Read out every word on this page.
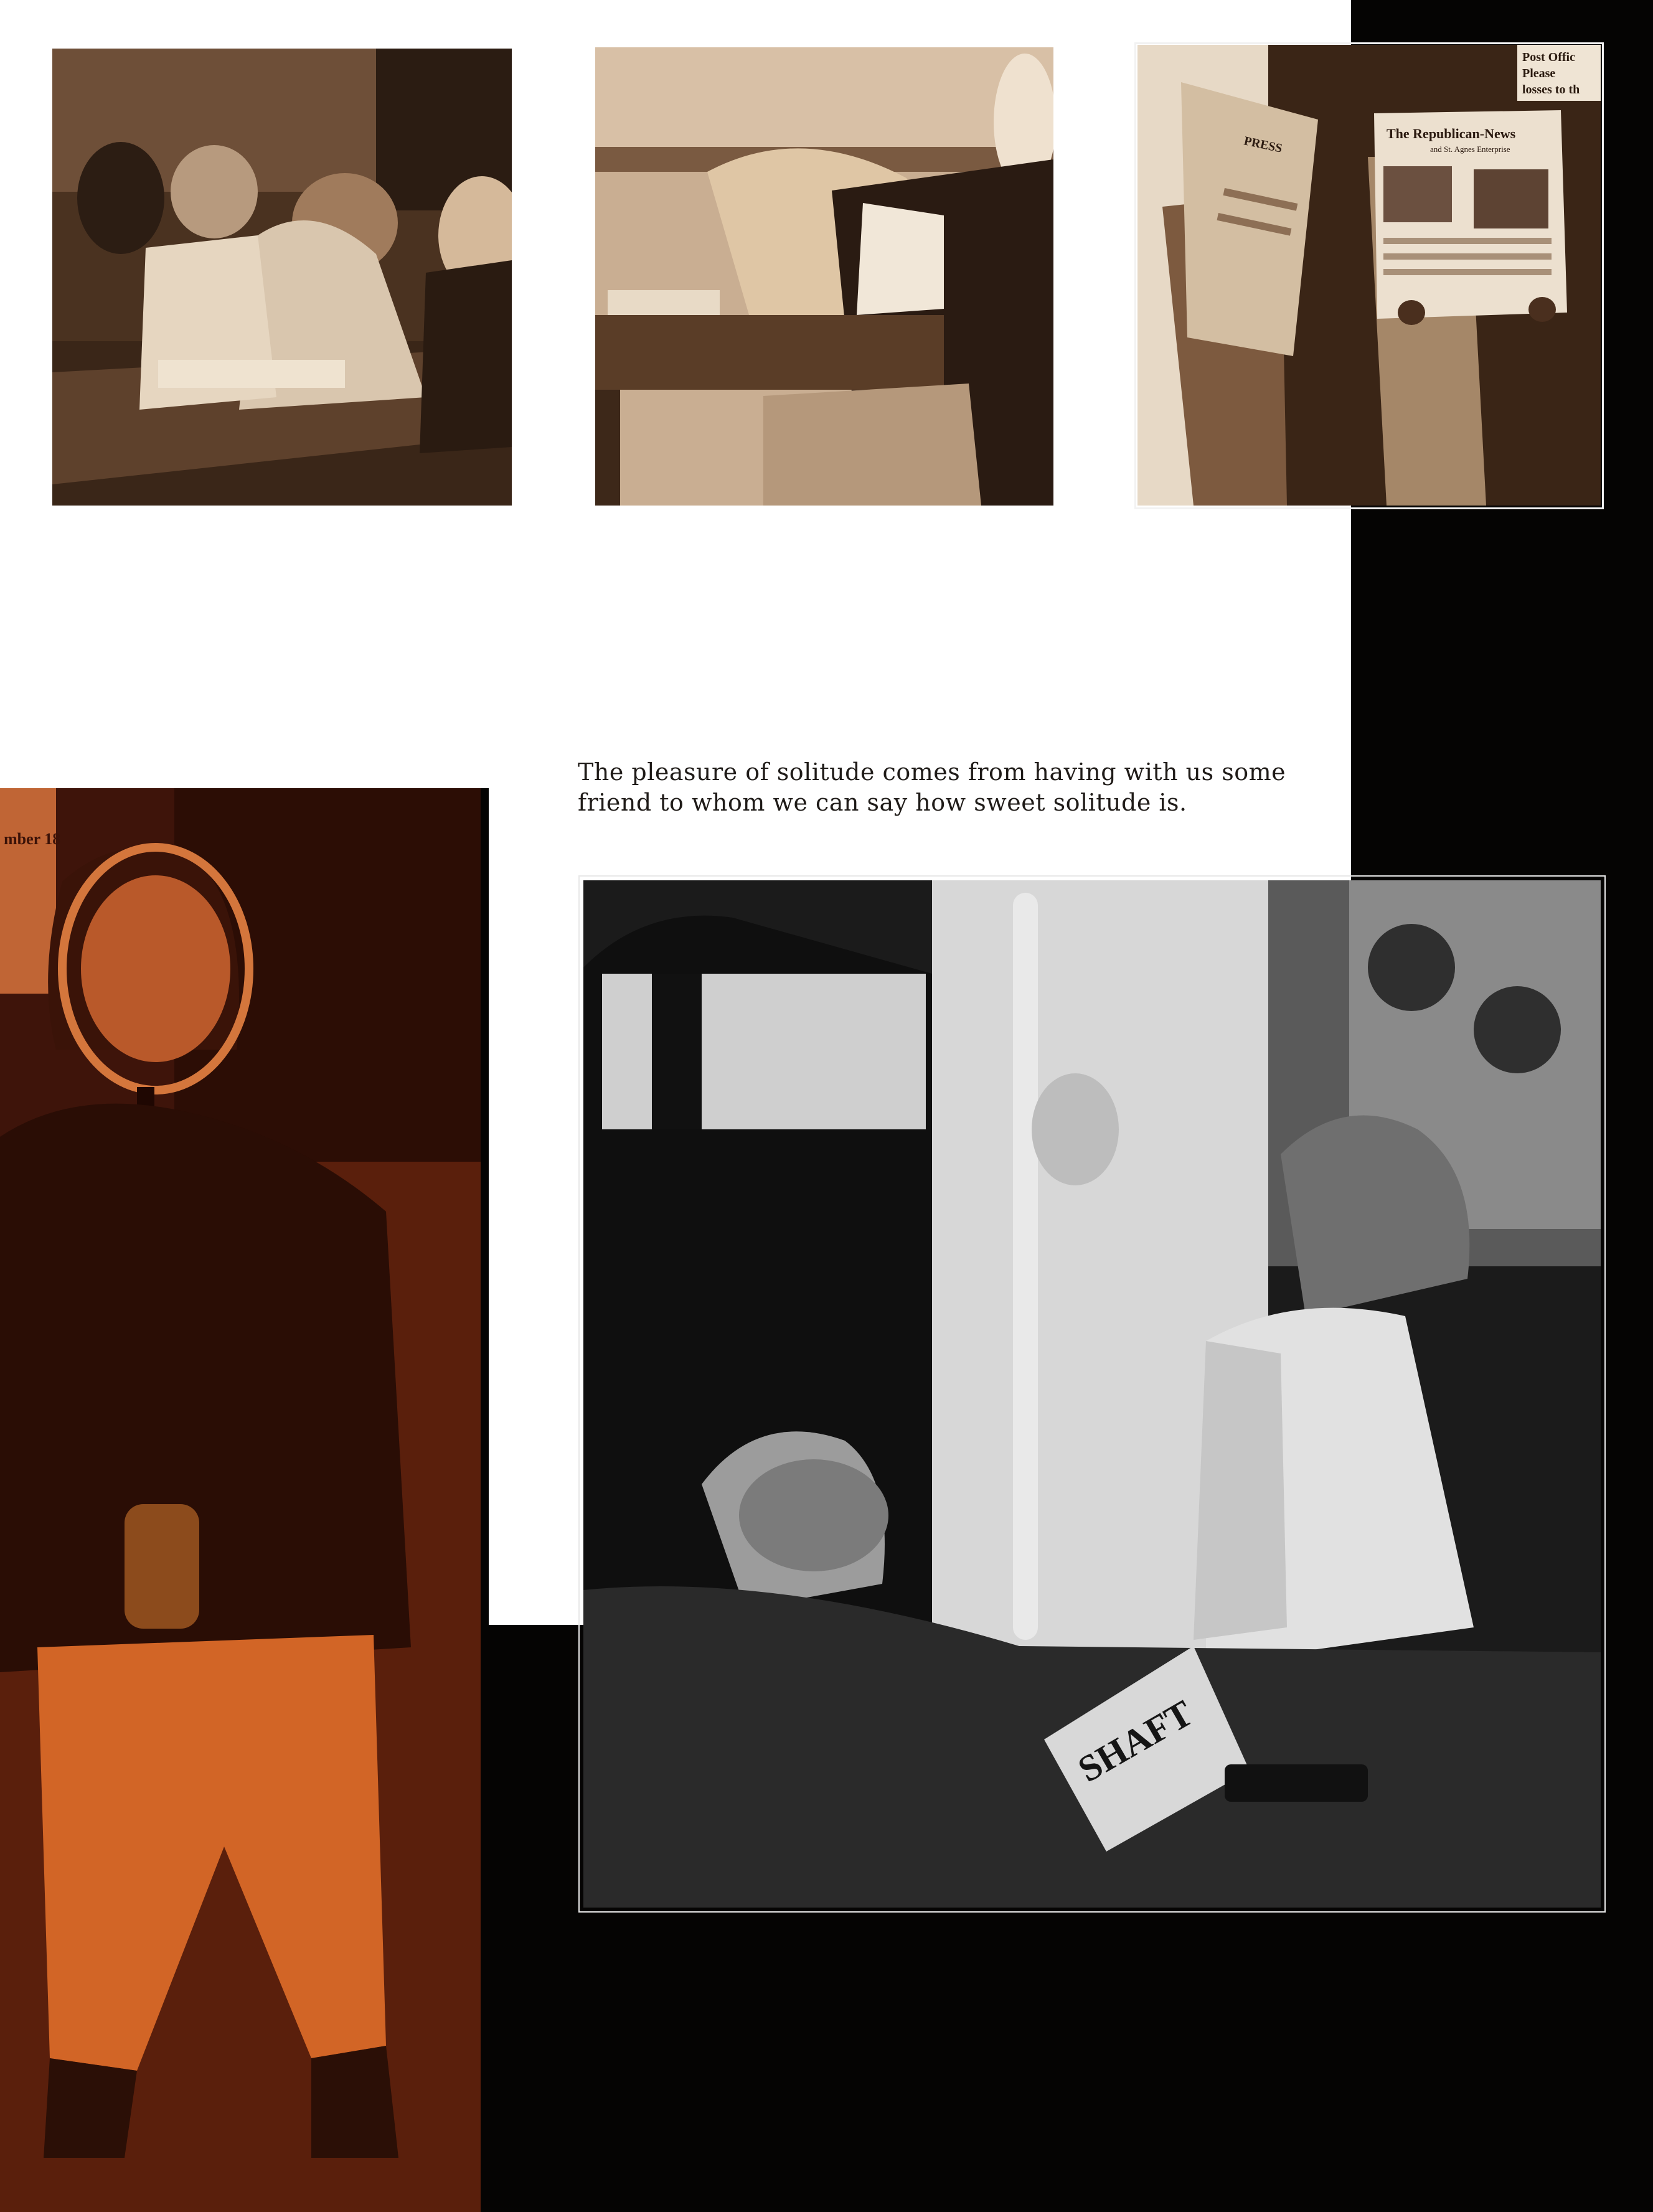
Post Offic
Please
losses to th
PRESS
The Republican-News
and St. Agnes Enterprise

The pleasure of solitude comes from having with us some friend to whom we can say how sweet solitude is.

mber 18
SHAFT
